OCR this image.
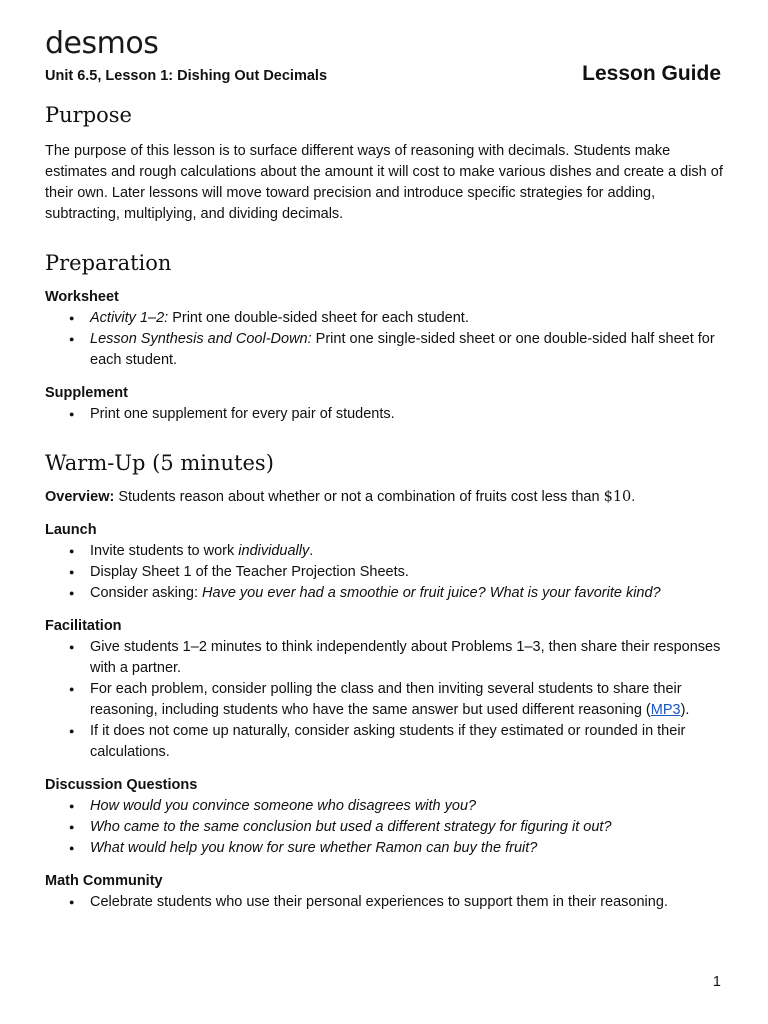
desmos
Unit 6.5, Lesson 1: Dishing Out Decimals	Lesson Guide
Purpose

The purpose of this lesson is to surface different ways of reasoning with decimals. Students make estimates and rough calculations about the amount it will cost to make various dishes and create a dish of their own. Later lessons will move toward precision and introduce specific strategies for adding, subtracting, multiplying, and dividing decimals.

Preparation
Worksheet
● Activity 1–2: Print one double-sided sheet for each student.
● Lesson Synthesis and Cool-Down: Print one single-sided sheet or one double-sided half sheet for each student.
Supplement
● Print one supplement for every pair of students.
Warm-Up (5 minutes)

Overview: Students reason about whether or not a combination of fruits cost less than $10.

Launch
● Invite students to work individually.
● Display Sheet 1 of the Teacher Projection Sheets.
● Consider asking: Have you ever had a smoothie or fruit juice? What is your favorite kind?
Facilitation
● Give students 1–2 minutes to think independently about Problems 1–3, then share their responses with a partner.
● For each problem, consider polling the class and then inviting several students to share their reasoning, including students who have the same answer but used different reasoning (MP3).
● If it does not come up naturally, consider asking students if they estimated or rounded in their calculations.
Discussion Questions
● How would you convince someone who disagrees with you?
● Who came to the same conclusion but used a different strategy for figuring it out?
● What would help you know for sure whether Ramon can buy the fruit?
Math Community
● Celebrate students who use their personal experiences to support them in their reasoning.
1
